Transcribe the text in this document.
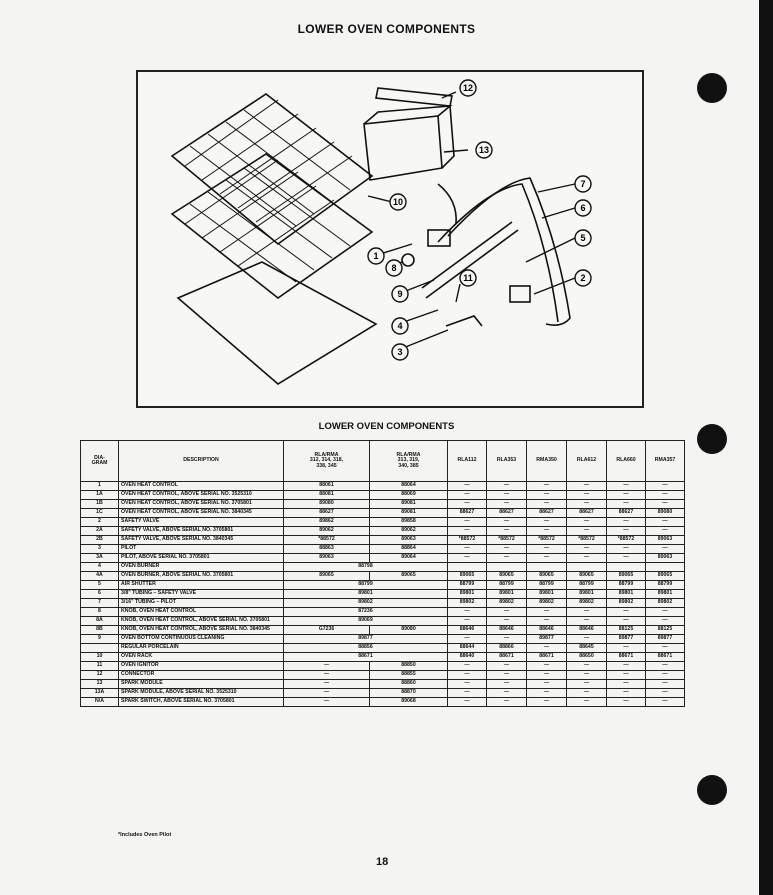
LOWER OVEN COMPONENTS
7
6
5
2
1
8
9
4
3
11
13
10
12
LOWER OVEN COMPONENTS
DIA-
GRAM	DESCRIPTION	RLA/RMA
312, 314, 318,
338, 345	RLA/RMA
313, 319,
340, 385	RLA112	RLA353	RMA350	RLA612	RLA660	RMA357
1	OVEN HEAT CONTROL	88061	88064	—	—	—	—	—	—
1A	OVEN HEAT CONTROL, ABOVE SERIAL NO. 3525310	88081	88069	—	—	—	—	—	—
1B	OVEN HEAT CONTROL, ABOVE SERIAL NO. 3705801	89080	89081	—	—	—	—	—	—
1C	OVEN HEAT CONTROL, ABOVE SERIAL NO. 3840345	88627	89081	88627	88627	88627	88627	88627	89080
2	SAFETY VALVE	89862	89858	—	—	—	—	—	—
2A	SAFETY VALVE, ABOVE SERIAL NO. 3705801	89062	89062	—	—	—	—	—	—
2B	SAFETY VALVE, ABOVE SERIAL NO. 3840345	*88572	89063	*88572	*88572	*88572	*88572	*88572	89063
3	PILOT	88863	88864	—	—	—	—	—	—
3A	PILOT, ABOVE SERIAL NO. 3705801	89063	89064	—	—	—	—	—	89063
4	OVEN BURNER	88798							
4A	OVEN BURNER, ABOVE SERIAL NO. 3705801	89065	89065	89065	89065	89065	89065	89065	89065
5	AIR SHUTTER	88799		88799	88799	88799	88799	88799	88799
6	3/8" TUBING – SAFETY VALVE	89801		89801	89801	89801	89801	89801	89801
7	3/16" TUBING – PILOT	89802		89802	89802	89802	89802	89802	89802
8	KNOB, OVEN HEAT CONTROL	87236		—	—	—	—	—	—
8A	KNOB, OVEN HEAT CONTROL, ABOVE SERIAL NO. 3705801	89069		—	—	—	—	—	—
8B	KNOB, OVEN HEAT CONTROL, ABOVE SERIAL NO. 3840345	G7236	89080	88646	88646	88646	88646	88125	88125
9	OVEN BOTTOM CONTINUOUS CLEANING	89877		—	—	89877	—	89877	89877
	REGULAR PORCELAIN	88856		88644	88866	—	88645	—	—
10	OVEN RACK	88671		88640	88671	88671	88650	88671	88671
11	OVEN IGNITOR	—	88850	—	—	—	—	—	—
12	CONNECTOR	—	88855	—	—	—	—	—	—
13	SPARK MODULE	—	88860	—	—	—	—	—	—
13A	SPARK MODULE, ABOVE SERIAL NO. 3525310	—	88870	—	—	—	—	—	—
N/A	SPARK SWITCH, ABOVE SERIAL NO. 3705801	—	89068	—	—	—	—	—	—
*Includes Oven Pilot
18
